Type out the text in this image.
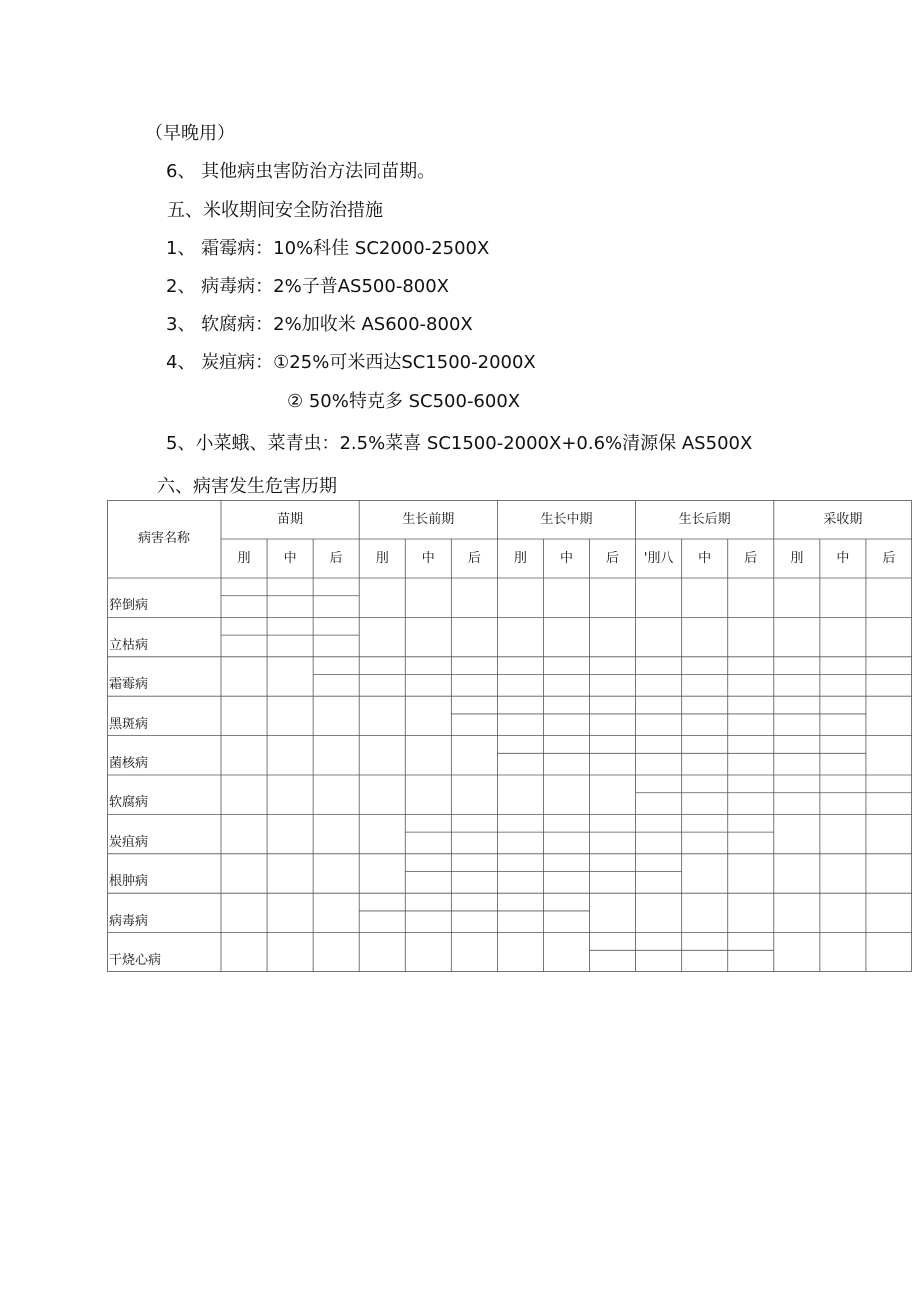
（早晚用）
6、 其他病虫害防治方法同苗期。
五、米收期间安全防治措施
1、 霜霉病：10%科佳 SC2000-2500X
2、 病毒病：2%子普AS500-800X
3、 软腐病：2%加收米 AS600-800X
4、 炭疽病：①25%可米西达SC1500-2000X
② 50%特克多 SC500-600X
5、小菜蛾、菜青虫：2.5%菜喜 SC1500-2000X+0.6%清源保 AS500X
六、病害发生危害历期
病害名称
苗期	生长前期	生长中期	生长后期	采收期
刖	中	后	刖	中	后	刖	中	后	'刖八	中	后	刖	中	后
猝倒病
立枯病
霜霉病
黑斑病
菌核病
软腐病
炭疽病
根肿病
病毒病
干烧心病
